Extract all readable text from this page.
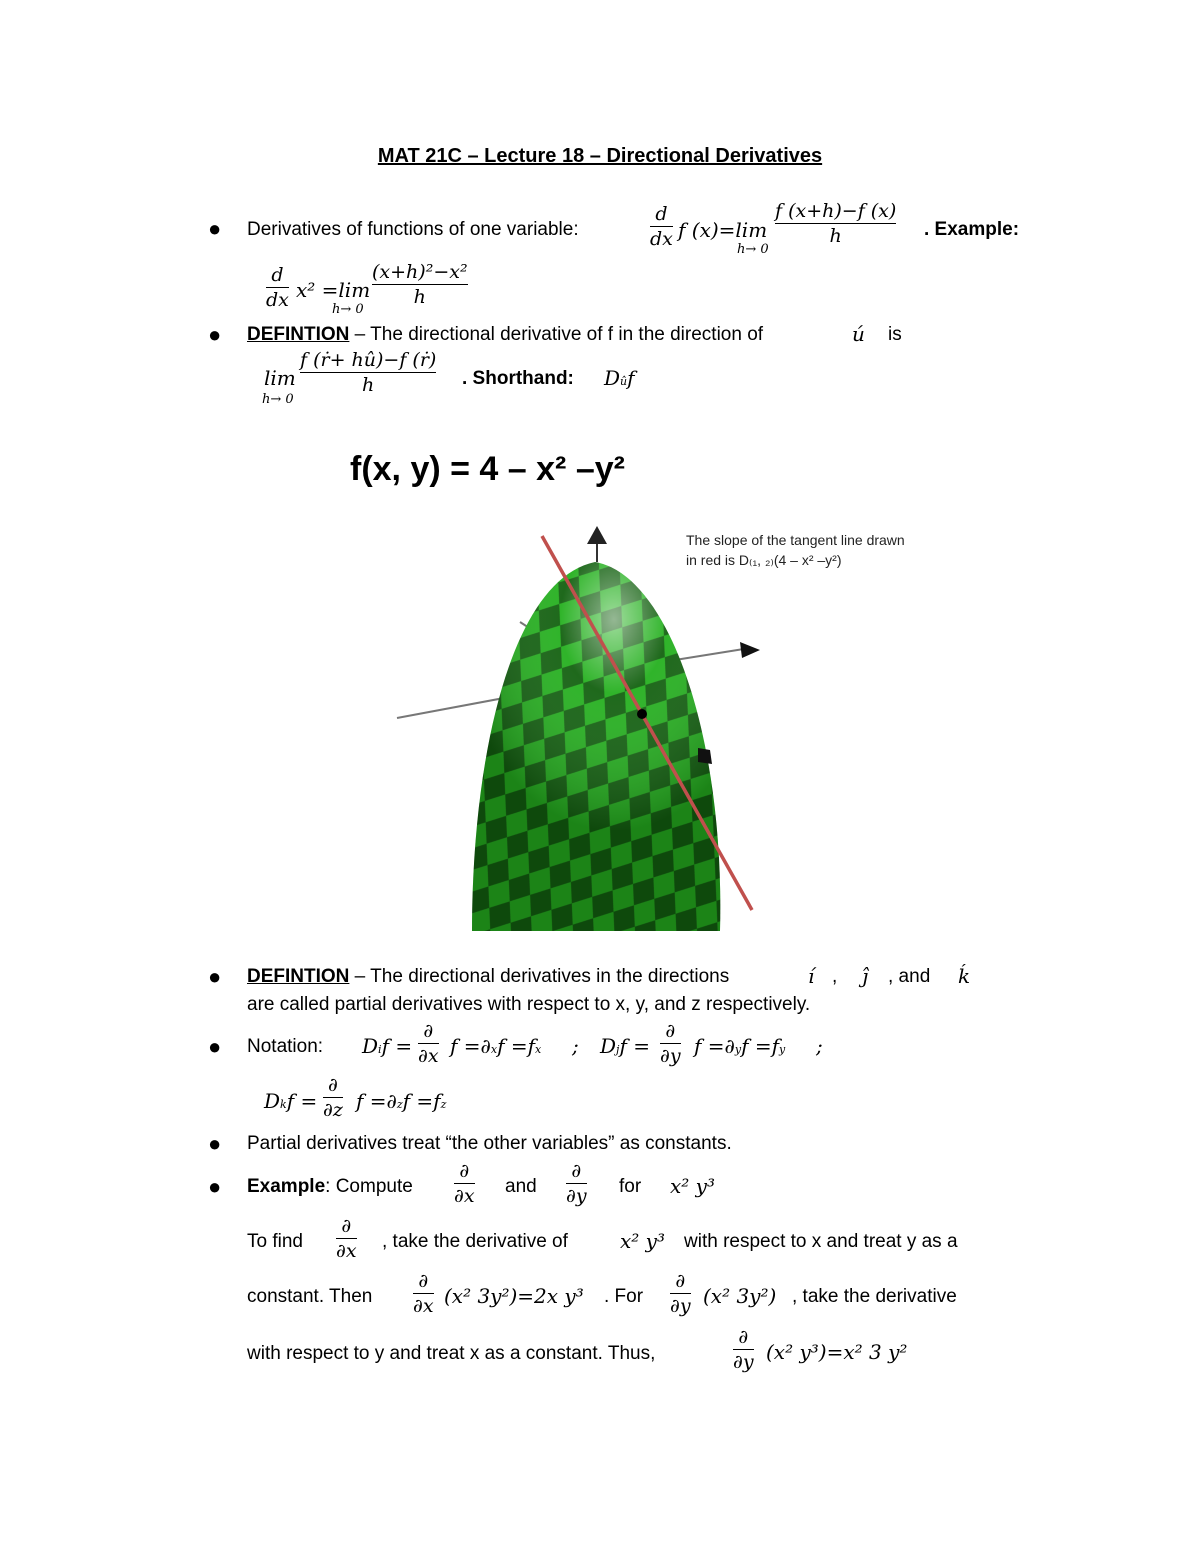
MAT 21C – Lecture 18 – Directional Derivatives
● Derivatives of functions of one variable:
d
dx f (x)=lim
h→ 0
f (x+h)−f (x)
h	. Example:
d
dx x² =lim
h→ 0
(x+h)²−x²
h
● DEFINTION – The directional derivative of f in the direction of	ú is
lim
h→ 0
f (ṙ+ hû)−f (ṙ)
h	. Shorthand: Dûf
f(x, y) = 4 – x² –y²
The slope of the tangent line drawn
in red is D₍₁, ₂₎(4 – x² –y²)
● DEFINTION – The directional derivatives in the directions	í , ĵ , and ḱ
are called partial derivatives with respect to x, y, and z respectively.
● Notation: Dif =
∂
∂x f =∂xf =fx ; Djf =
∂
∂y f =∂yf =fy ;
Dkf =
∂
∂z f =∂zf =fz
● Partial derivatives treat “the other variables” as constants.
● Example: Compute
∂
∂x and
∂
∂y for x² y³
To find
∂
∂x , take the derivative of	x² y³ with respect to x and treat y as a
constant. Then
∂
∂x (x² 3y²)=2x y³ . For
∂
∂y (x² 3y²) , take the derivative
with respect to y and treat x as a constant. Thus,
∂
∂y (x² y³)=x² 3 y²
